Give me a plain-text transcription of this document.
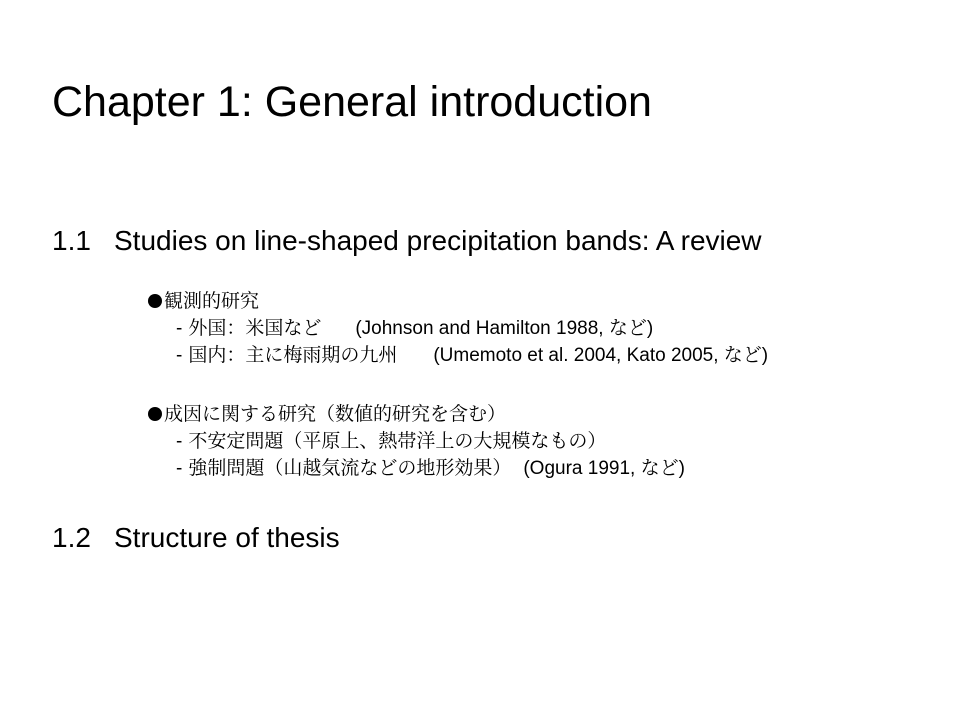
Chapter 1: General introduction
1.1 Studies on line-shaped precipitation bands: A review
観測的研究
- 外国：米国など (Johnson and Hamilton 1988, など)
- 国内：主に梅雨期の九州 (Umemoto et al. 2004, Kato 2005, など)
成因に関する研究（数値的研究を含む）
- 不安定問題（平原上、熱帯洋上の大規模なもの）
- 強制問題（山越気流などの地形効果） (Ogura 1991, など)
1.2 Structure of thesis
